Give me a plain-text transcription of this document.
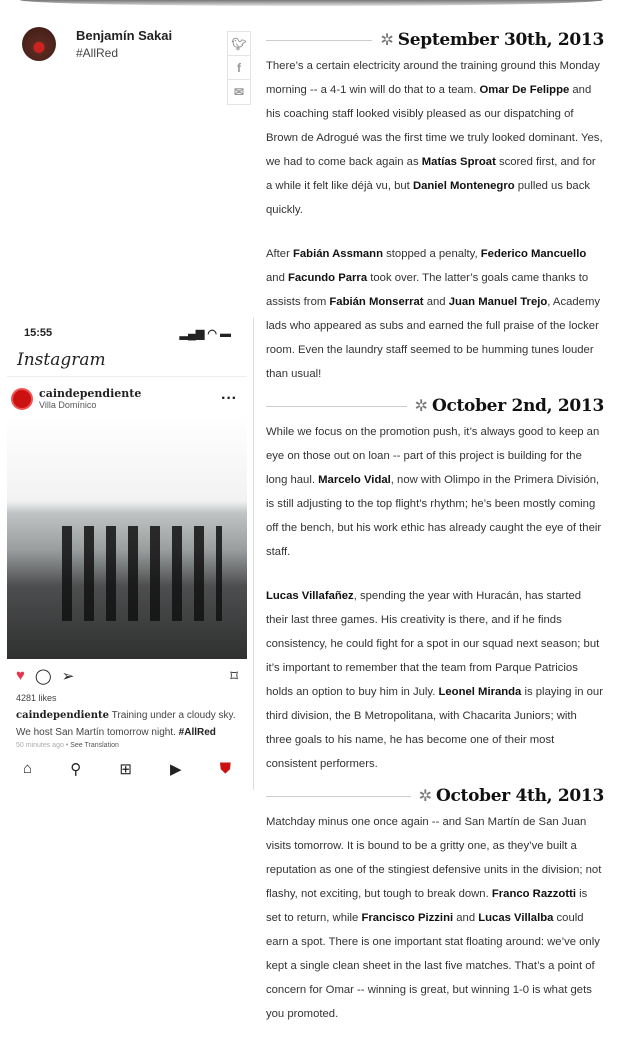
Benjamín Sakai
#AllRed
🐦︎
f
✉
✲ September 30th, 2013

There’s a certain electricity around the training ground this Monday morning -- a 4-1 win will do that to a team. Omar De Felippe and his coaching staff looked visibly pleased as our dispatching of Brown de Adrogué was the first time we truly looked dominant. Yes, we had to come back again as Matías Sproat scored first, and for a while it felt like déjà vu, but Daniel Montenegro pulled us back quickly.

After Fabián Assmann stopped a penalty, Federico Mancuello and Facundo Parra took over. The latter’s goals came thanks to assists from Fabián Monserrat and Juan Manuel Trejo, Academy lads who appeared as subs and earned the full praise of the locker room. Even the laundry staff seemed to be humming tunes louder than usual!

✲ October 2nd, 2013

While we focus on the promotion push, it’s always good to keep an eye on those out on loan -- part of this project is building for the long haul. Marcelo Vidal, now with Olimpo in the Primera División, is still adjusting to the top flight’s rhythm; he’s been mostly coming off the bench, but his work ethic has already caught the eye of their staff.

Lucas Villafañez, spending the year with Huracán, has started their last three games. His creativity is there, and if he finds consistency, he could fight for a spot in our squad next season; but it’s important to remember that the team from Parque Patricios holds an option to buy him in July. Leonel Miranda is playing in our third division, the B Metropolitana, with Chacarita Juniors; with three goals to his name, he has become one of their most consistent performers.

✲ October 4th, 2013

Matchday minus one once again -- and San Martín de San Juan visits tomorrow. It is bound to be a gritty one, as they’ve built a reputation as one of the stingiest defensive units in the division; not flashy, not exciting, but tough to break down. Franco Razzotti is set to return, while Francisco Pizzini and Lucas Villalba could earn a spot. There is one important stat floating around: we’ve only kept a single clean sheet in the last five matches. That’s a point of concern for Omar -- winning is great, but winning 1-0 is what gets you promoted.

15:55	▂▄▆ ◠ ▬
Instagram
caindependiente
Villa Domínico	···
♥ ◯ ➢	⌑
4281 likes
caindependiente Training under a cloudy sky.
We host San Martín tomorrow night. #AllRed
50 minutes ago • See Translation
⌂	⚲	⊞	▶	⛊
